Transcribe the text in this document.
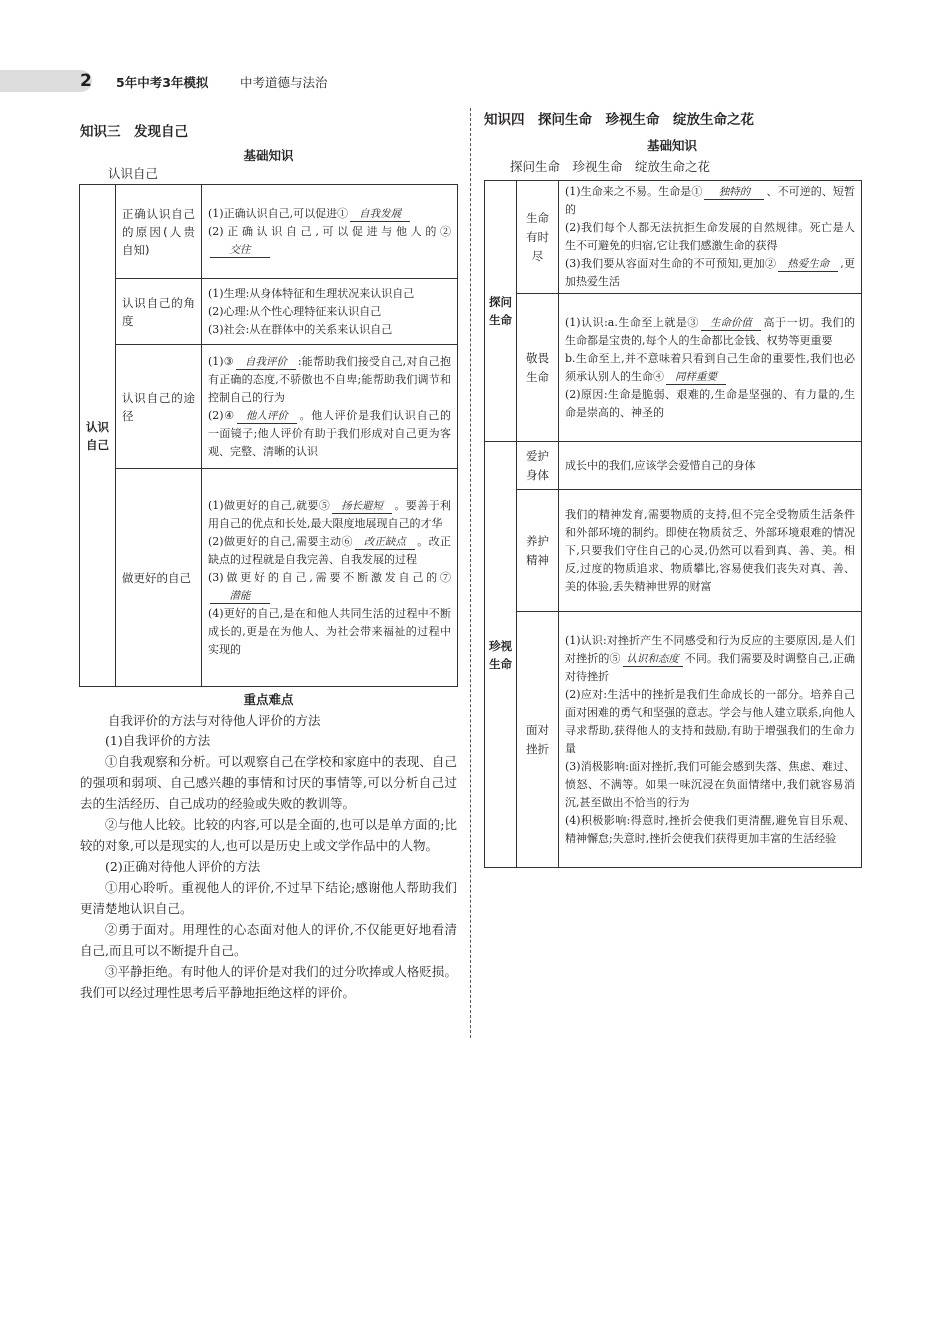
2 5年中考3年模拟	中考道德与法治
知识三　发现自己
基础知识
认识自己
认识自己	正确认识自己的原因(人贵自知)	(1)正确认识自己,可以促进① 自我发展

(2)正确认识自己,可以促进与他人的②交往

	认识自己的角度	(1)生理:从身体特征和生理状况来认识自己

(2)心理:从个性心理特征来认识自己

(3)社会:从在群体中的关系来认识自己

	认识自己的途径	(1)③ 自我评价 :能帮助我们接受自己,对自己抱有正确的态度,不骄傲也不自卑;能帮助我们调节和控制自己的行为

(2)④ 他人评价 。他人评价是我们认识自己的一面镜子;他人评价有助于我们形成对自己更为客观、完整、清晰的认识

	做更好的自己	(1)做更好的自己,就要⑤ 扬长避短 。要善于利用自己的优点和长处,最大限度地展现自己的才华

(2)做更好的自己,需要主动⑥ 改正缺点 。改正缺点的过程就是自我完善、自我发展的过程

(3)做更好的自己,需要不断激发自己的⑦潜能

(4)更好的自己,是在和他人共同生活的过程中不断成长的,更是在为他人、为社会带来福祉的过程中实现的

重点难点
自我评价的方法与对待他人评价的方法

(1)自我评价的方法

①自我观察和分析。可以观察自己在学校和家庭中的表现、自己的强项和弱项、自己感兴趣的事情和讨厌的事情等,可以分析自己过去的生活经历、自己成功的经验或失败的教训等。

②与他人比较。比较的内容,可以是全面的,也可以是单方面的;比较的对象,可以是现实的人,也可以是历史上或文学作品中的人物。

(2)正确对待他人评价的方法

①用心聆听。重视他人的评价,不过早下结论;感谢他人帮助我们更清楚地认识自己。

②勇于面对。用理性的心态面对他人的评价,不仅能更好地看清自己,而且可以不断提升自己。

③平静拒绝。有时他人的评价是对我们的过分吹捧或人格贬损。我们可以经过理性思考后平静地拒绝这样的评价。

知识四　探问生命　珍视生命　绽放生命之花
基础知识
探问生命　珍视生命　绽放生命之花
探问生命	生命有时尽	(1)生命来之不易。生命是① 独特的 、不可逆的、短暂的

(2)我们每个人都无法抗拒生命发展的自然规律。死亡是人生不可避免的归宿,它让我们感激生命的获得

(3)我们要从容面对生命的不可预知,更加② 热爱生命 ,更加热爱生活

	敬畏生命	(1)认识:a.生命至上就是③ 生命价值 高于一切。我们的生命都是宝贵的,每个人的生命都比金钱、权势等更重要

b.生命至上,并不意味着只看到自己生命的重要性,我们也必须承认别人的生命④ 同样重要

(2)原因:生命是脆弱、艰难的,生命是坚强的、有力量的,生命是崇高的、神圣的

珍视生命	爱护身体	成长中的我们,应该学会爱惜自己的身体

	养护精神	我们的精神发育,需要物质的支持,但不完全受物质生活条件和外部环境的制约。即使在物质贫乏、外部环境艰难的情况下,只要我们守住自己的心灵,仍然可以看到真、善、美。相反,过度的物质追求、物质攀比,容易使我们丧失对真、善、美的体验,丢失精神世界的财富

	面对挫折	(1)认识:对挫折产生不同感受和行为反应的主要原因,是人们对挫折的⑤ 认识和态度 不同。我们需要及时调整自己,正确对待挫折

(2)应对:生活中的挫折是我们生命成长的一部分。培养自己面对困难的勇气和坚强的意志。学会与他人建立联系,向他人寻求帮助,获得他人的支持和鼓励,有助于增强我们的生命力量

(3)消极影响:面对挫折,我们可能会感到失落、焦虑、难过、愤怒、不满等。如果一味沉浸在负面情绪中,我们就容易消沉,甚至做出不恰当的行为

(4)积极影响:得意时,挫折会使我们更清醒,避免盲目乐观、精神懈怠;失意时,挫折会使我们获得更加丰富的生活经验
